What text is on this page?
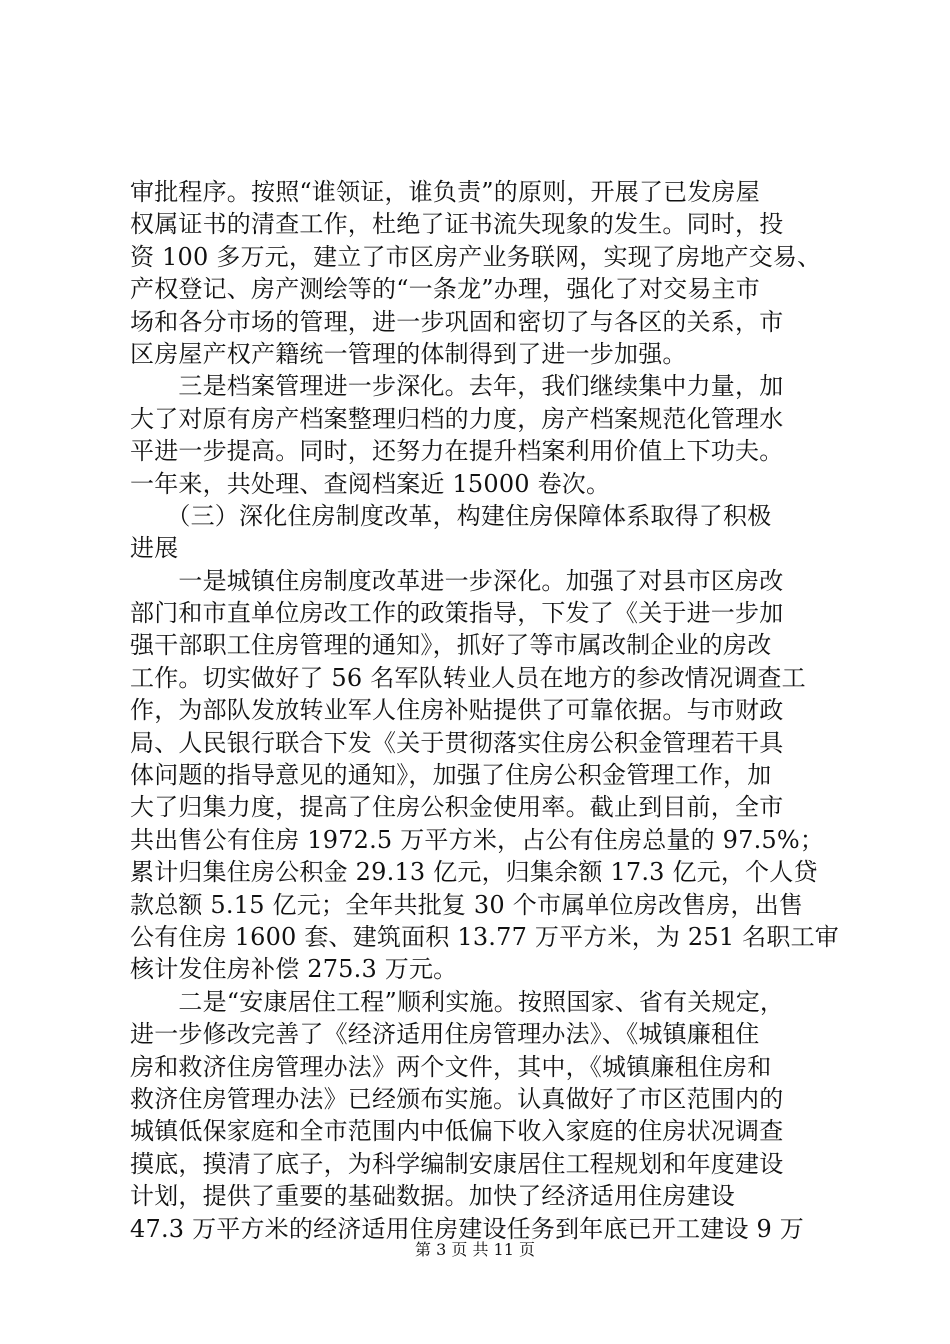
审批程序。按照“谁领证，谁负责”的原则，开展了已发房屋
权属证书的清查工作，杜绝了证书流失现象的发生。同时，投
资 100 多万元，建立了市区房产业务联网，实现了房地产交易、
产权登记、房产测绘等的“一条龙”办理，强化了对交易主市
场和各分市场的管理，进一步巩固和密切了与各区的关系，市
区房屋产权产籍统一管理的体制得到了进一步加强。
　　三是档案管理进一步深化。去年，我们继续集中力量，加
大了对原有房产档案整理归档的力度，房产档案规范化管理水
平进一步提高。同时，还努力在提升档案利用价值上下功夫。
一年来，共处理、查阅档案近 15000 卷次。
　　（三）深化住房制度改革，构建住房保障体系取得了积极
进展
　　一是城镇住房制度改革进一步深化。加强了对县市区房改
部门和市直单位房改工作的政策指导，下发了《关于进一步加
强干部职工住房管理的通知》，抓好了等市属改制企业的房改
工作。切实做好了 56 名军队转业人员在地方的参改情况调查工
作，为部队发放转业军人住房补贴提供了可靠依据。与市财政
局、人民银行联合下发《关于贯彻落实住房公积金管理若干具
体问题的指导意见的通知》，加强了住房公积金管理工作，加
大了归集力度，提高了住房公积金使用率。截止到目前，全市
共出售公有住房 1972.5 万平方米，占公有住房总量的 97.5%；
累计归集住房公积金 29.13 亿元，归集余额 17.3 亿元，个人贷
款总额 5.15 亿元；全年共批复 30 个市属单位房改售房，出售
公有住房 1600 套、建筑面积 13.77 万平方米，为 251 名职工审
核计发住房补偿 275.3 万元。
　　二是“安康居住工程”顺利实施。按照国家、省有关规定，
进一步修改完善了《经济适用住房管理办法》、《城镇廉租住
房和救济住房管理办法》两个文件，其中，《城镇廉租住房和
救济住房管理办法》已经颁布实施。认真做好了市区范围内的
城镇低保家庭和全市范围内中低偏下收入家庭的住房状况调查
摸底，摸清了底子，为科学编制安康居住工程规划和年度建设
计划，提供了重要的基础数据。加快了经济适用住房建设
47.3 万平方米的经济适用住房建设任务到年底已开工建设 9 万
第 3 页 共 11 页
